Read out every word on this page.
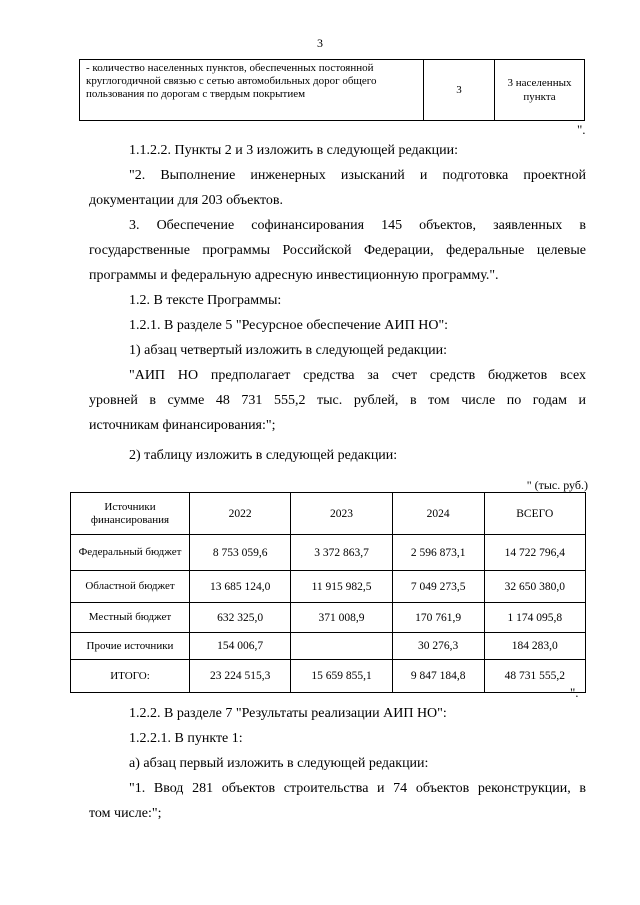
3
- количество населенных пунктов, обеспеченных постоянной круглогодичной связью с сетью автомобильных дорог общего пользования по дорогам с твердым покрытием	3	3 населенных пункта
".
1.1.2.2. Пункты 2 и 3 изложить в следующей редакции:
"2. Выполнение инженерных изысканий и подготовка проектной
документации для 203 объектов.
3. Обеспечение софинансирования 145 объектов, заявленных в
государственные программы Российской Федерации, федеральные целевые
программы и федеральную адресную инвестиционную программу.".
1.2. В тексте Программы:
1.2.1. В разделе 5 "Ресурсное обеспечение АИП НО":
1) абзац четвертый изложить в следующей редакции:
"АИП НО предполагает средства за счет средств бюджетов всех
уровней в сумме 48 731 555,2 тыс. рублей, в том числе по годам и
источникам финансирования:";
2) таблицу изложить в следующей редакции:
" (тыс. руб.)
Источники финансирования	2022	2023	2024	ВСЕГО
Федеральный бюджет	8 753 059,6	3 372 863,7	2 596 873,1	14 722 796,4
Областной бюджет	13 685 124,0	11 915 982,5	7 049 273,5	32 650 380,0
Местный бюджет	632 325,0	371 008,9	170 761,9	1 174 095,8
Прочие источники	154 006,7		30 276,3	184 283,0
ИТОГО:	23 224 515,3	15 659 855,1	9 847 184,8	48 731 555,2
".
1.2.2. В разделе 7 "Результаты реализации АИП НО":
1.2.2.1. В пункте 1:
а) абзац первый изложить в следующей редакции:
"1. Ввод 281 объектов строительства и 74 объектов реконструкции, в
том числе:";
